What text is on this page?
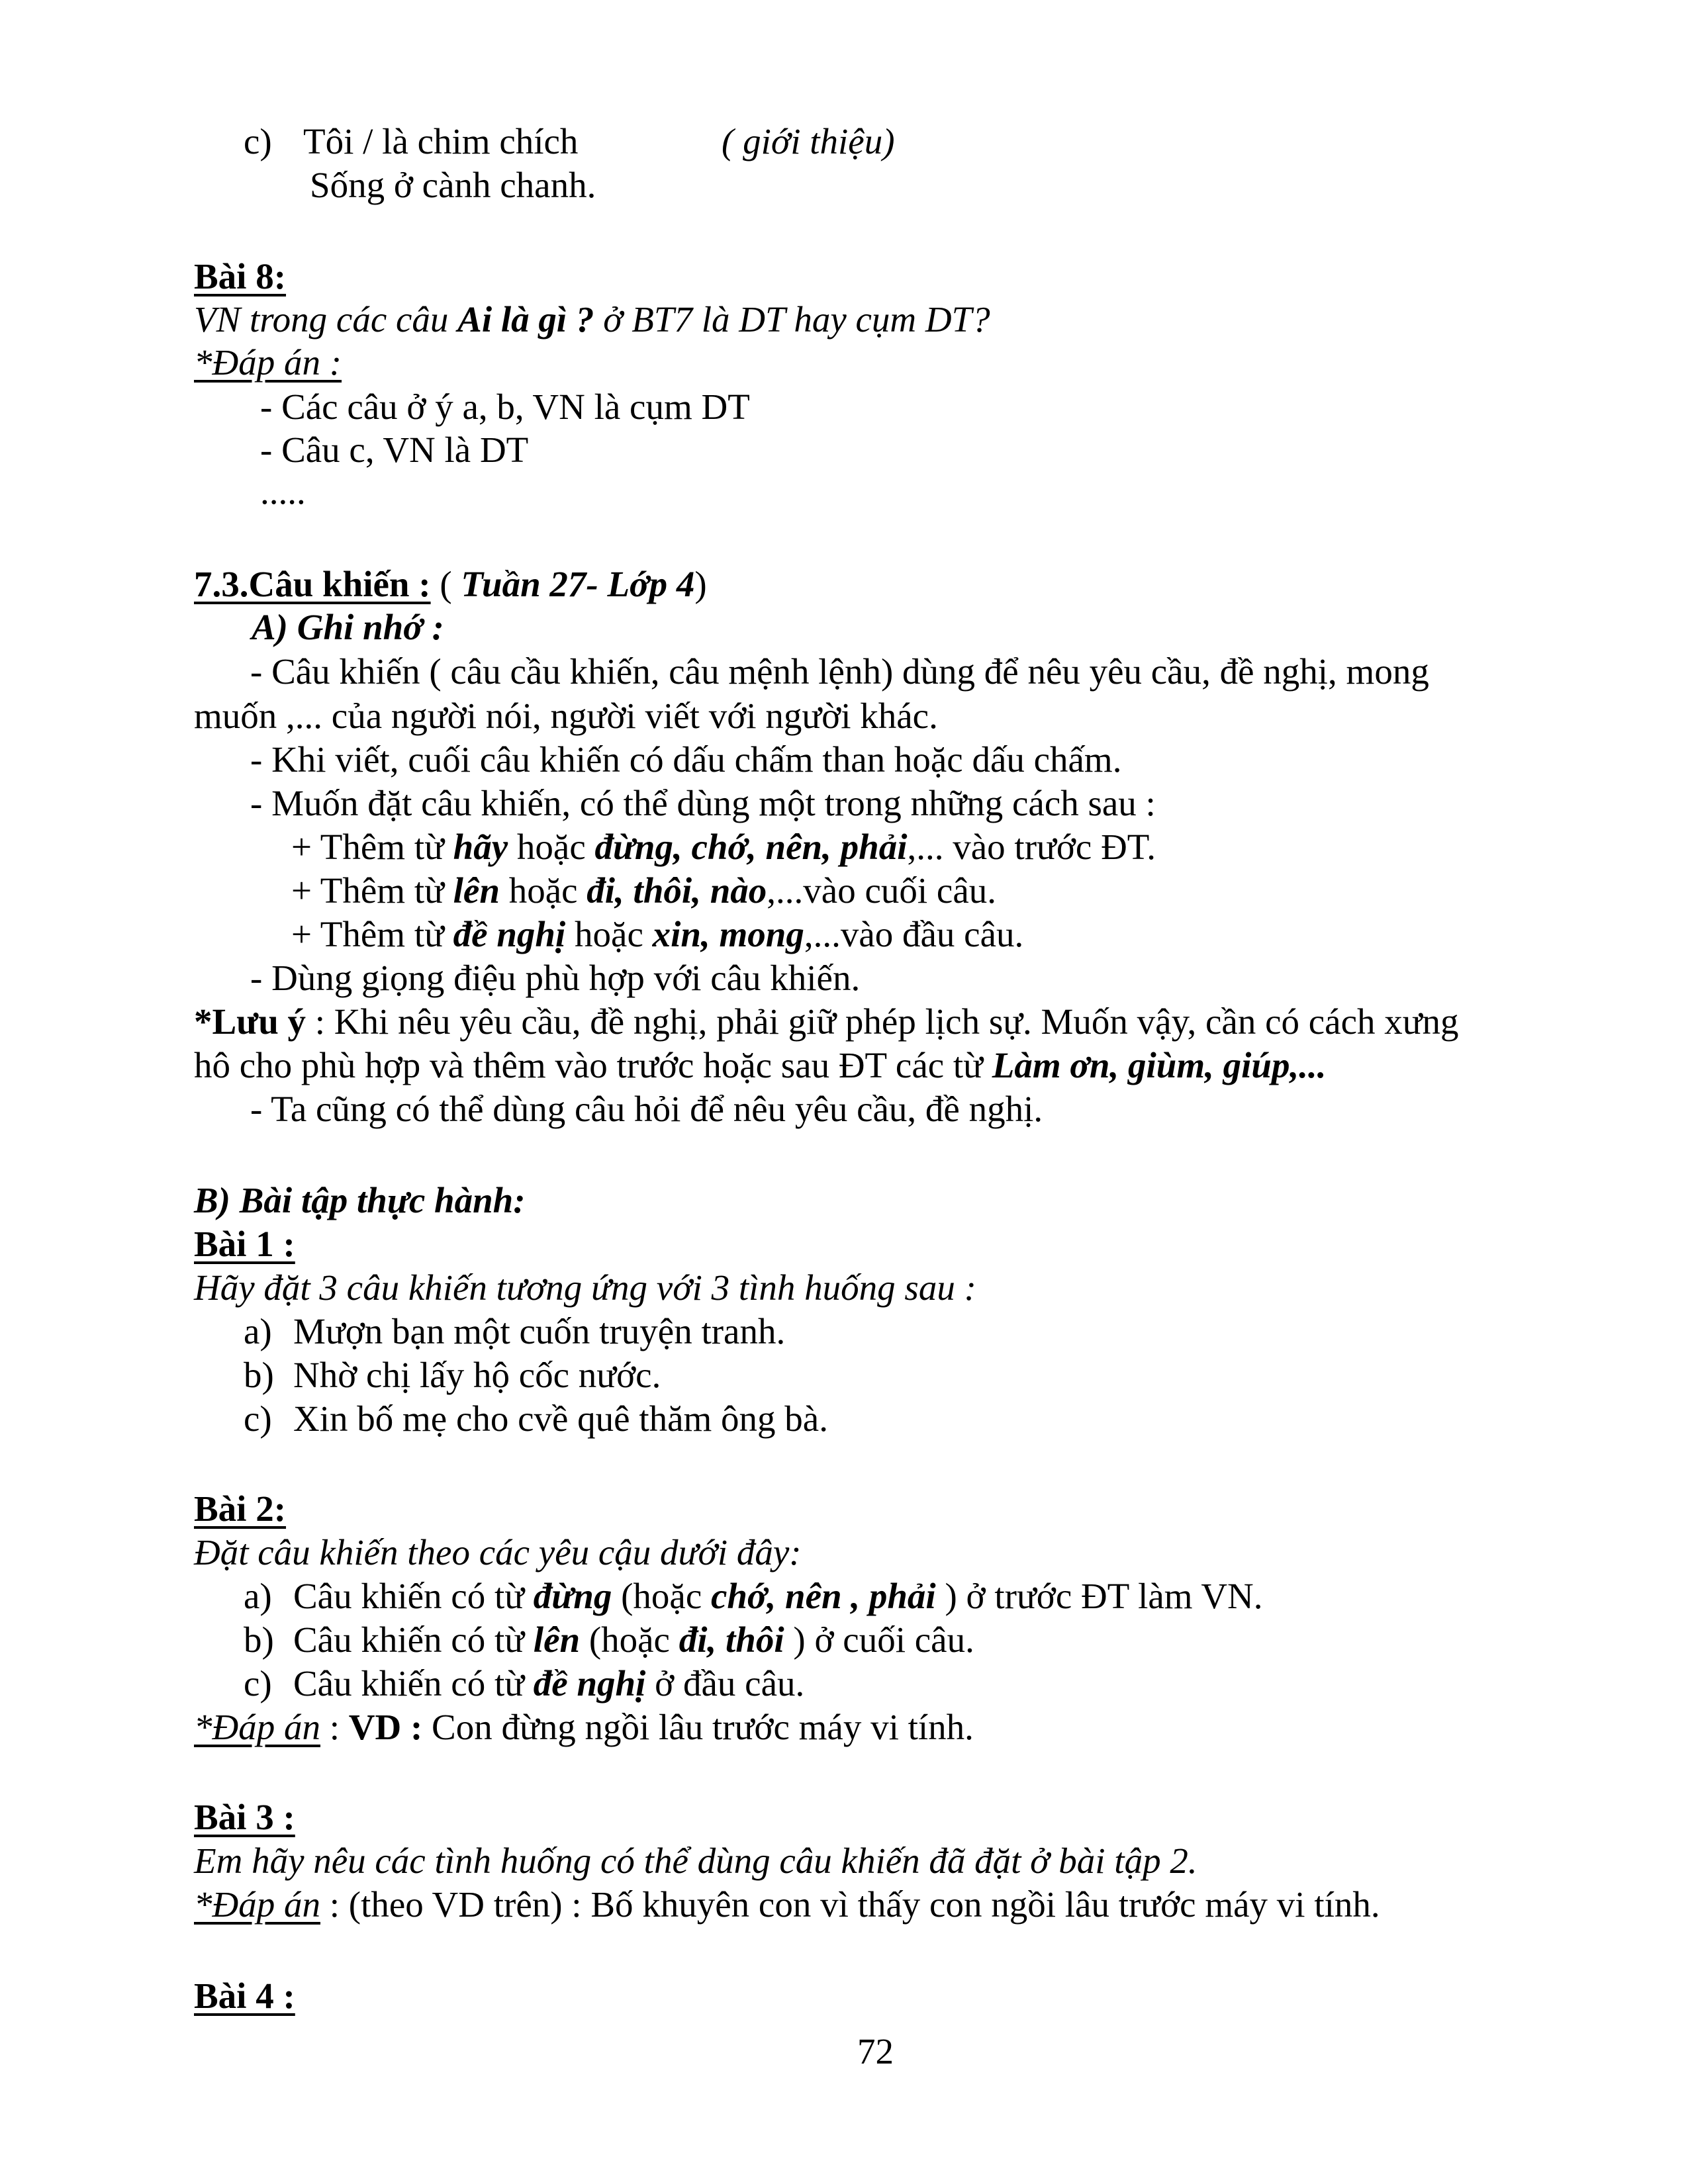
c) Tôi / là chim chích	( giới thiệu)
Sống ở cành chanh.
Bài 8:
VN trong các câu Ai là gì ? ở BT7 là DT hay cụm DT?
*Đáp án :
- Các câu ở ý a, b, VN là cụm DT
- Câu c, VN là DT
.....
7.3.Câu khiến : ( Tuần 27- Lớp 4)
A) Ghi nhớ :
- Câu khiến ( câu cầu khiến, câu mệnh lệnh) dùng để nêu yêu cầu, đề nghị, mong
muốn ,... của người nói, người viết với người khác.
- Khi viết, cuối câu khiến có dấu chấm than hoặc dấu chấm.
- Muốn đặt câu khiến, có thể dùng một trong những cách sau :
+ Thêm từ hãy hoặc đừng, chớ, nên, phải,... vào trước ĐT.
+ Thêm từ lên hoặc đi, thôi, nào,...vào cuối câu.
+ Thêm từ đề nghị hoặc xin, mong,...vào đầu câu.
- Dùng giọng điệu phù hợp với câu khiến.
*Lưu ý : Khi nêu yêu cầu, đề nghị, phải giữ phép lịch sự. Muốn vậy, cần có cách xưng
hô cho phù hợp và thêm vào trước hoặc sau ĐT các từ Làm ơn, giùm, giúp,...
- Ta cũng có thể dùng câu hỏi để nêu yêu cầu, đề nghị.
B) Bài tập thực hành:
Bài 1 :
Hãy đặt 3 câu khiến tương ứng với 3 tình huống sau :
a) Mượn bạn một cuốn truyện tranh.
b) Nhờ chị lấy hộ cốc nước.
c) Xin bố mẹ cho cvề quê thăm ông bà.
Bài 2:
Đặt câu khiến theo các yêu cậu dưới đây:
a) Câu khiến có từ đừng (hoặc chớ, nên , phải ) ở trước ĐT làm VN.
b) Câu khiến có từ lên (hoặc đi, thôi ) ở cuối câu.
c) Câu khiến có từ đề nghị ở đầu câu.
*Đáp án : VD : Con đừng ngồi lâu trước máy vi tính.
Bài 3 :
Em hãy nêu các tình huống có thể dùng câu khiến đã đặt ở bài tập 2.
*Đáp án : (theo VD trên) : Bố khuyên con vì thấy con ngồi lâu trước máy vi tính.
Bài 4 :
72
